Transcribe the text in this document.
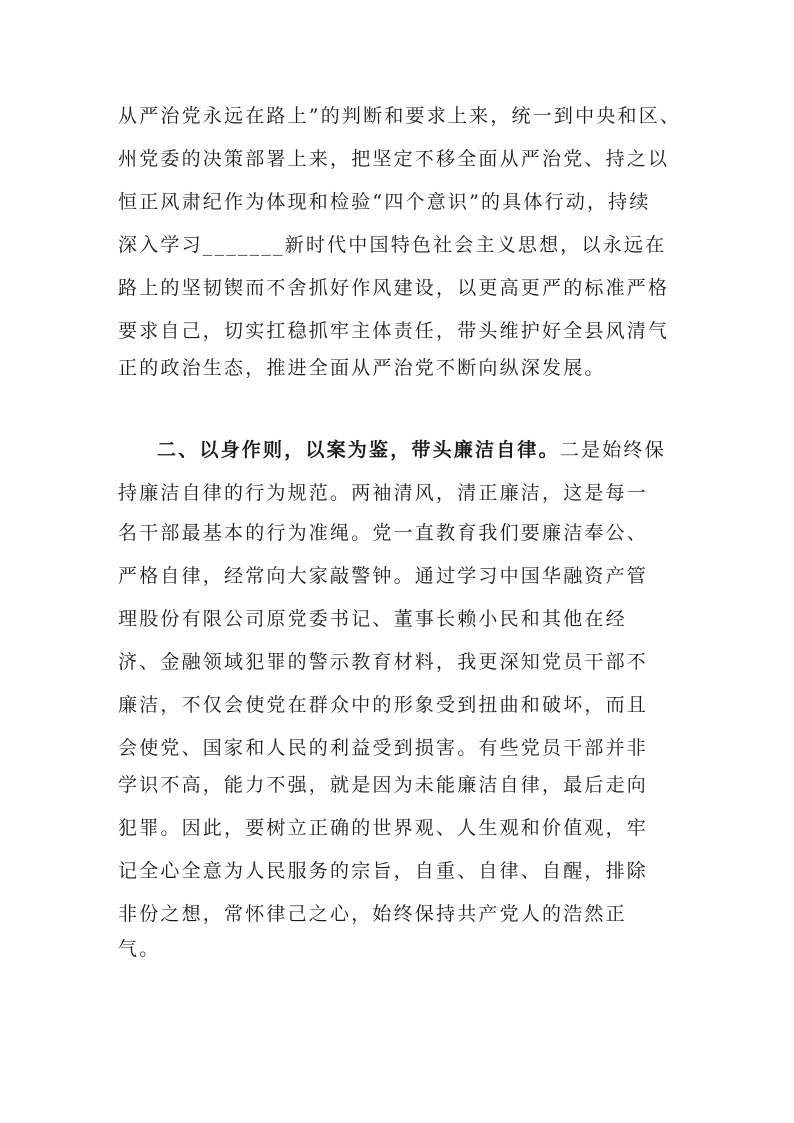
从严治党永远在路上”的判断和要求上来，统一到中央和区、

州党委的决策部署上来，把坚定不移全面从严治党、持之以

恒正风肃纪作为体现和检验“四个意识”的具体行动，持续

深入学习_______新时代中国特色社会主义思想，以永远在

路上的坚韧锲而不舍抓好作风建设，以更高更严的标准严格

要求自己，切实扛稳抓牢主体责任，带头维护好全县风清气

正的政治生态，推进全面从严治党不断向纵深发展。

二、以身作则，以案为鉴，带头廉洁自律。二是始终保

持廉洁自律的行为规范。两袖清风，清正廉洁，这是每一

名干部最基本的行为准绳。党一直教育我们要廉洁奉公、

严格自律，经常向大家敲警钟。通过学习中国华融资产管

理股份有限公司原党委书记、董事长赖小民和其他在经

济、金融领域犯罪的警示教育材料，我更深知党员干部不

廉洁，不仅会使党在群众中的形象受到扭曲和破坏，而且

会使党、国家和人民的利益受到损害。有些党员干部并非

学识不高，能力不强，就是因为未能廉洁自律，最后走向

犯罪。因此，要树立正确的世界观、人生观和价值观，牢

记全心全意为人民服务的宗旨，自重、自律、自醒，排除

非份之想，常怀律己之心，始终保持共产党人的浩然正

气。
